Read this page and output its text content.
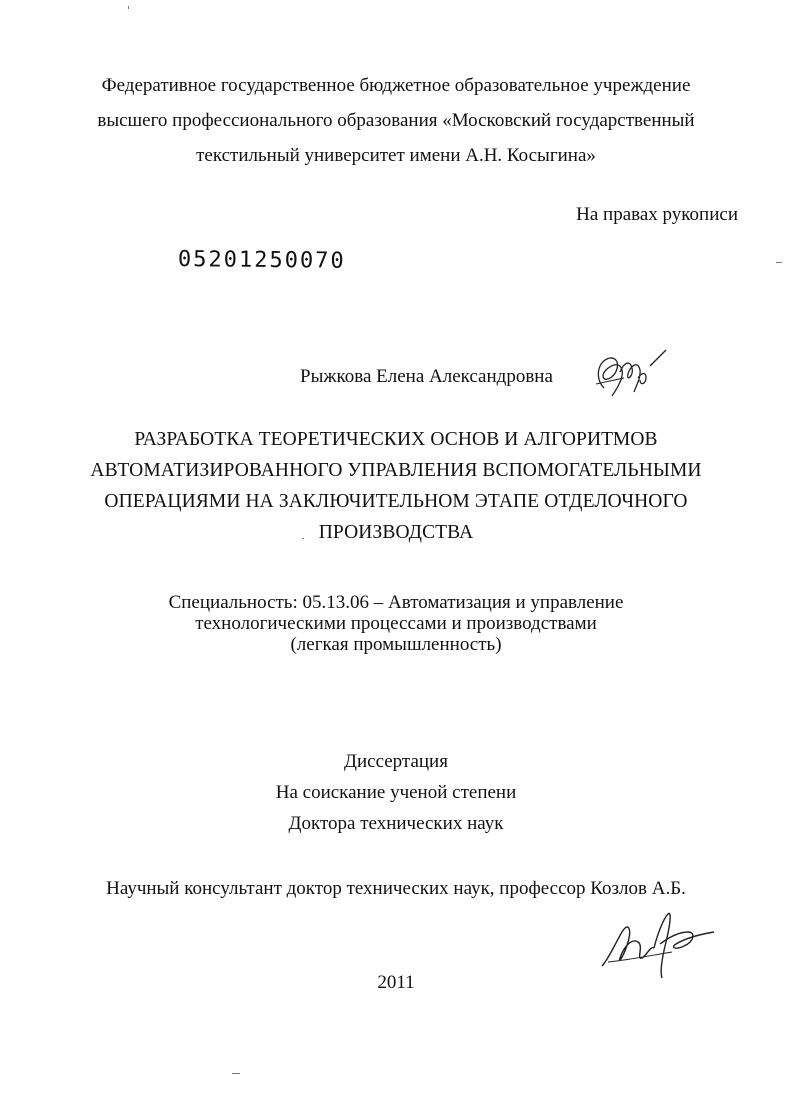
Федеративное государственное бюджетное образовательное учреждение
высшего профессионального образования «Московский государственный
текстильный университет имени А.Н. Косыгина»
На правах рукописи
05201250070
Рыжкова Елена Александровна
РАЗРАБОТКА ТЕОРЕТИЧЕСКИХ ОСНОВ И АЛГОРИТМОВ
АВТОМАТИЗИРОВАННОГО УПРАВЛЕНИЯ ВСПОМОГАТЕЛЬНЫМИ
ОПЕРАЦИЯМИ НА ЗАКЛЮЧИТЕЛЬНОМ ЭТАПЕ ОТДЕЛОЧНОГО
ПРОИЗВОДСТВА
Специальность: 05.13.06 – Автоматизация и управление
технологическими процессами и производствами
(легкая промышленность)
Диссертация
На соискание ученой степени
Доктора технических наук
Научный консультант доктор технических наук, профессор Козлов А.Б.
2011
